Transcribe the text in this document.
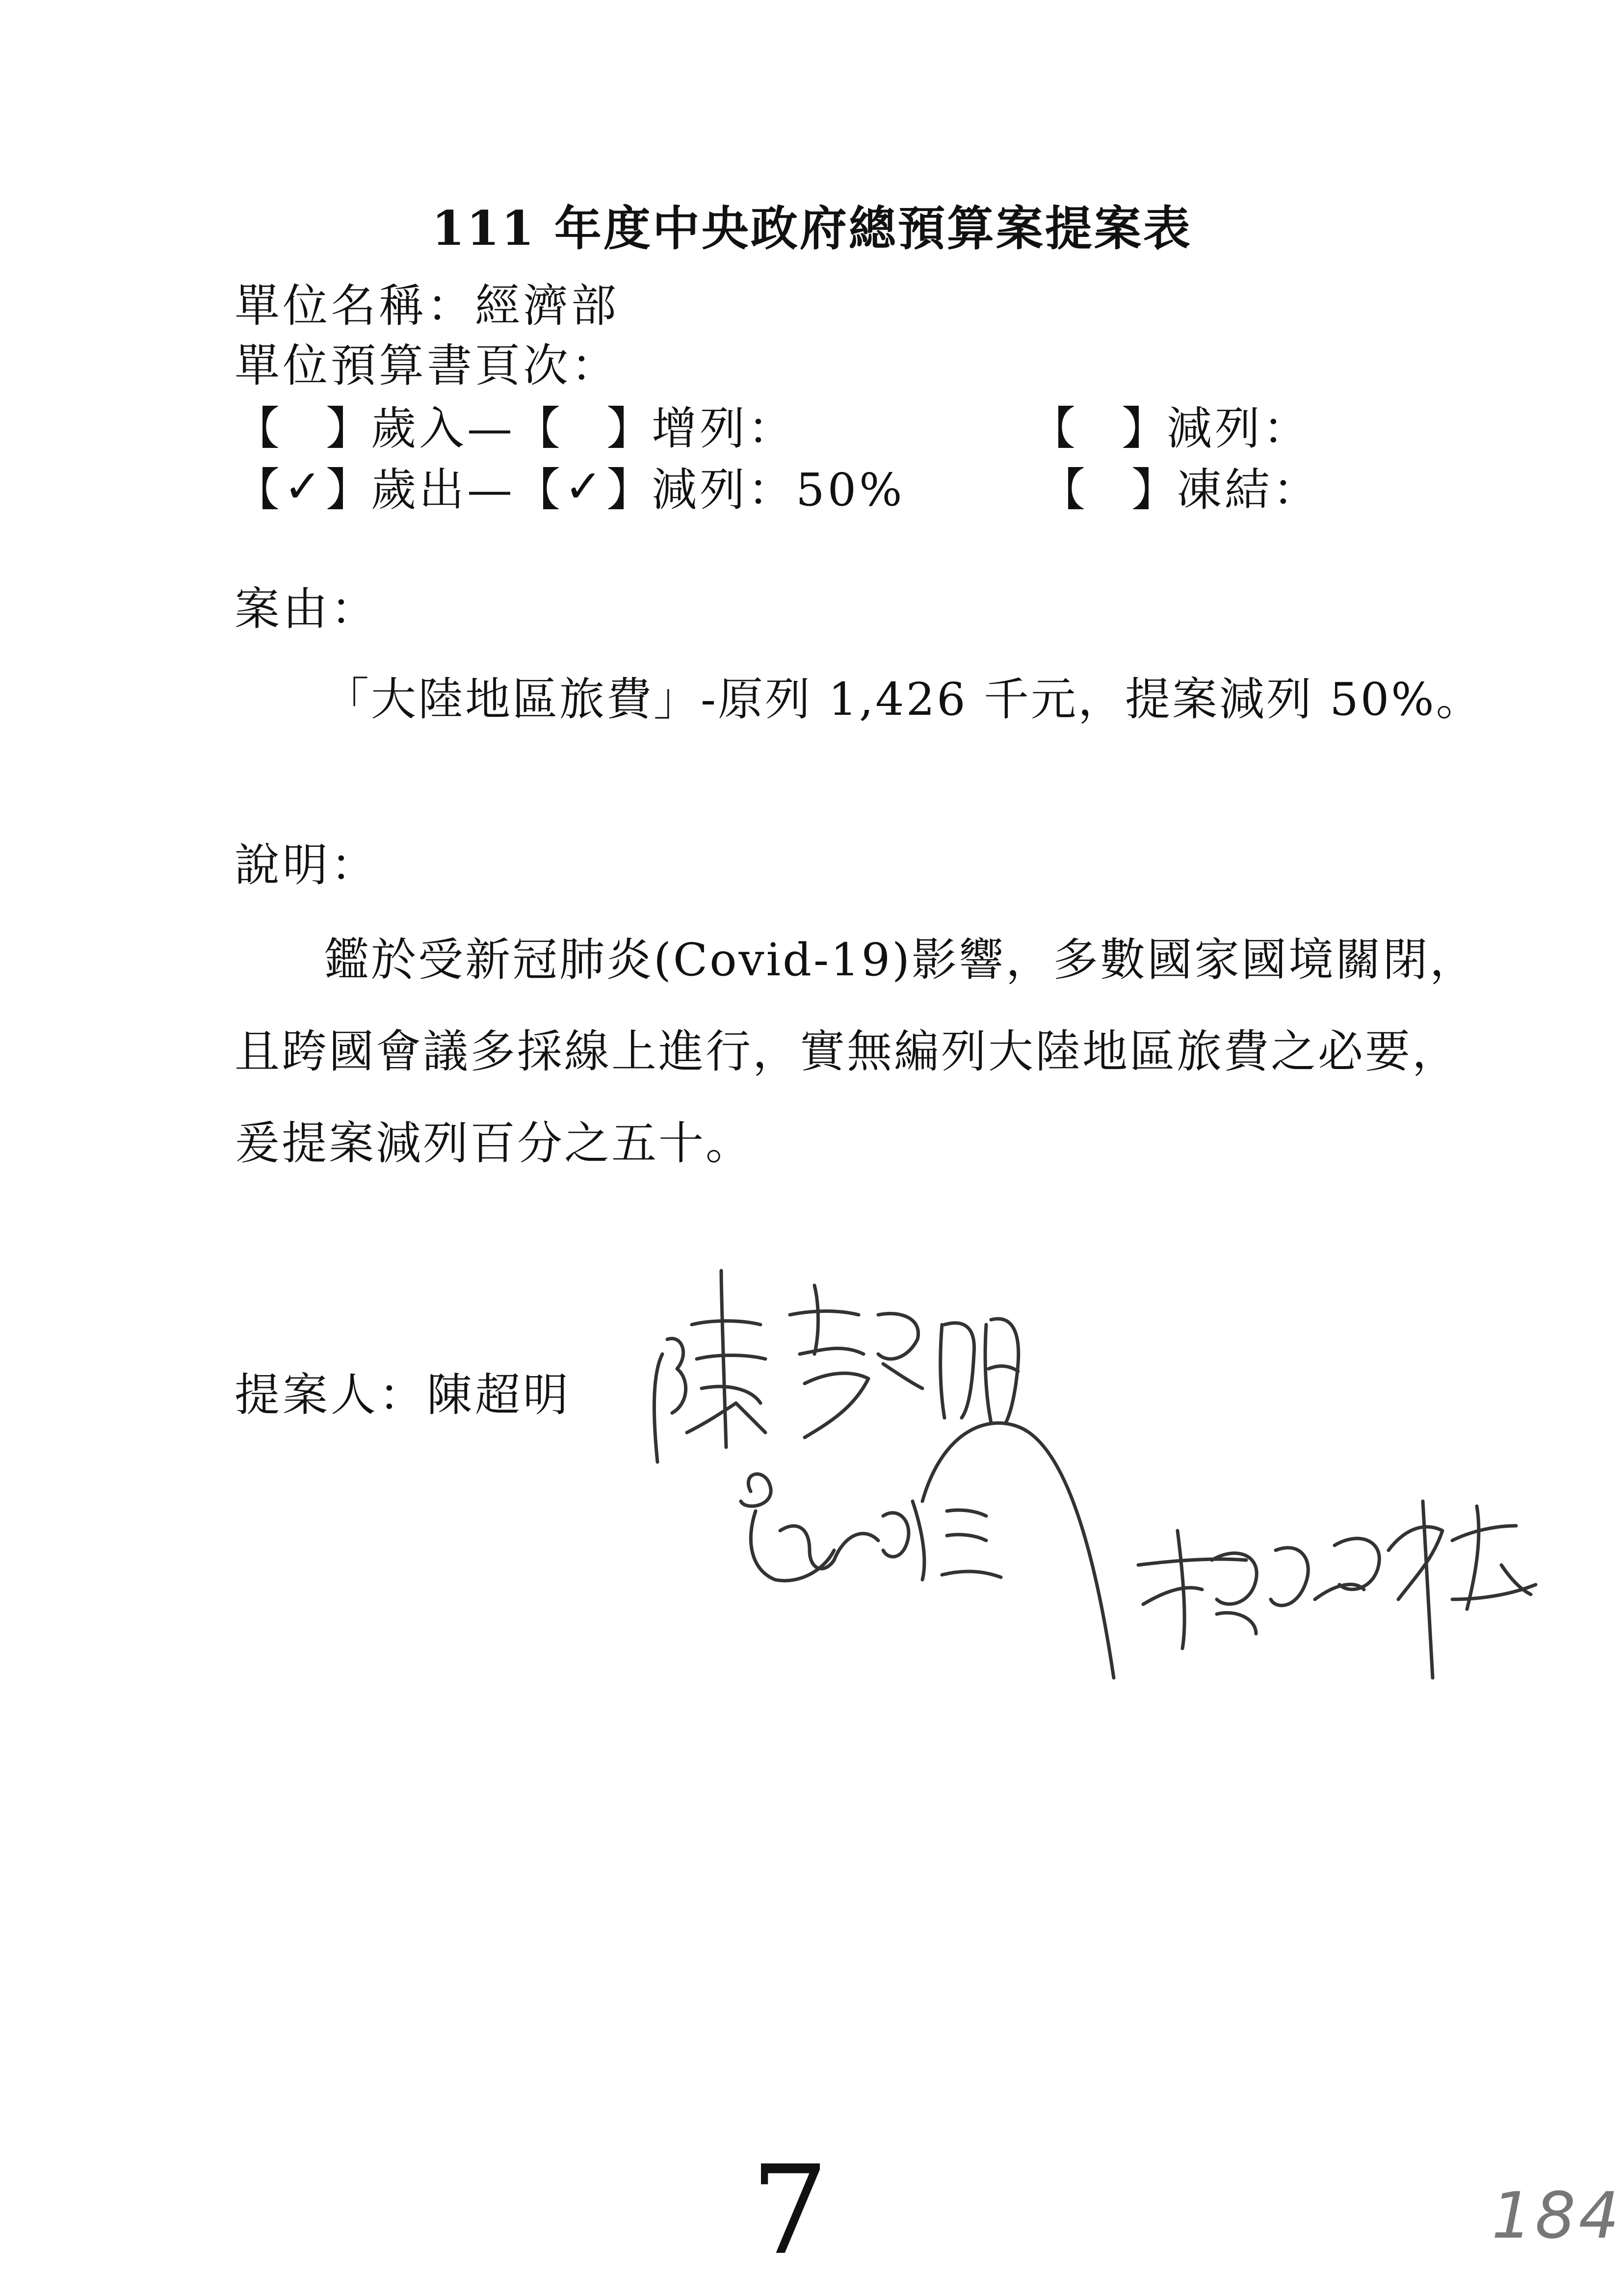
111 年度中央政府總預算案提案表
單位名稱：經濟部
單位預算書頁次：
【 】 歲入— 【 】 增列：	【 】 減列：
【 ✓ 】 歲出— 【 ✓ 】 減列：50%	【 】 凍結：
案由：
「大陸地區旅費」-原列 1,426 千元，提案減列 50%。
說明：
鑑於受新冠肺炎(Covid-19)影響，多數國家國境關閉，
且跨國會議多採線上進行，實無編列大陸地區旅費之必要，
爰提案減列百分之五十。
提案人：陳超明
7	184
